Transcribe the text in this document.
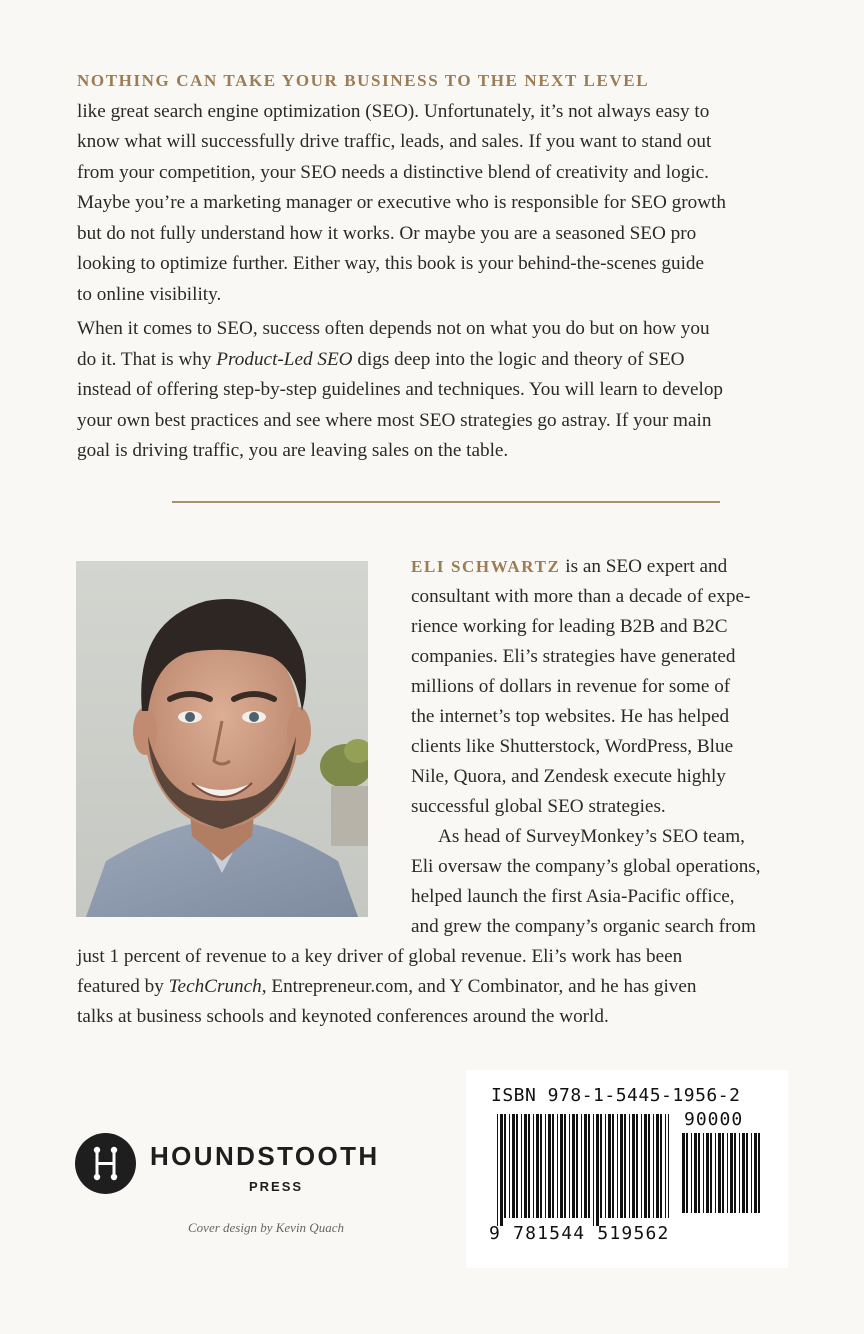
NOTHING CAN TAKE YOUR BUSINESS TO THE NEXT LEVEL
like great search engine optimization (SEO). Unfortunately, it’s not always easy to
know what will successfully drive traffic, leads, and sales. If you want to stand out
from your competition, your SEO needs a distinctive blend of creativity and logic.
Maybe you’re a marketing manager or executive who is responsible for SEO growth
but do not fully understand how it works. Or maybe you are a seasoned SEO pro
looking to optimize further. Either way, this book is your behind-the-scenes guide
to online visibility.
When it comes to SEO, success often depends not on what you do but on how you
do it. That is why Product-Led SEO digs deep into the logic and theory of SEO
instead of offering step-by-step guidelines and techniques. You will learn to develop
your own best practices and see where most SEO strategies go astray. If your main
goal is driving traffic, you are leaving sales on the table.
ELI SCHWARTZ is an SEO expert and
consultant with more than a decade of expe-
rience working for leading B2B and B2C
companies. Eli’s strategies have generated
millions of dollars in revenue for some of
the internet’s top websites. He has helped
clients like Shutterstock, WordPress, Blue
Nile, Quora, and Zendesk execute highly
successful global SEO strategies.
As head of SurveyMonkey’s SEO team,
Eli oversaw the company’s global operations,
helped launch the first Asia-Pacific office,
and grew the company’s organic search from
just 1 percent of revenue to a key driver of global revenue. Eli’s work has been
featured by TechCrunch, Entrepreneur.com, and Y Combinator, and he has given
talks at business schools and keynoted conferences around the world.
HOUNDSTOOTH
PRESS
Cover design by Kevin Quach
ISBN 978-1-5445-1956-2
90000
9 781544 519562
